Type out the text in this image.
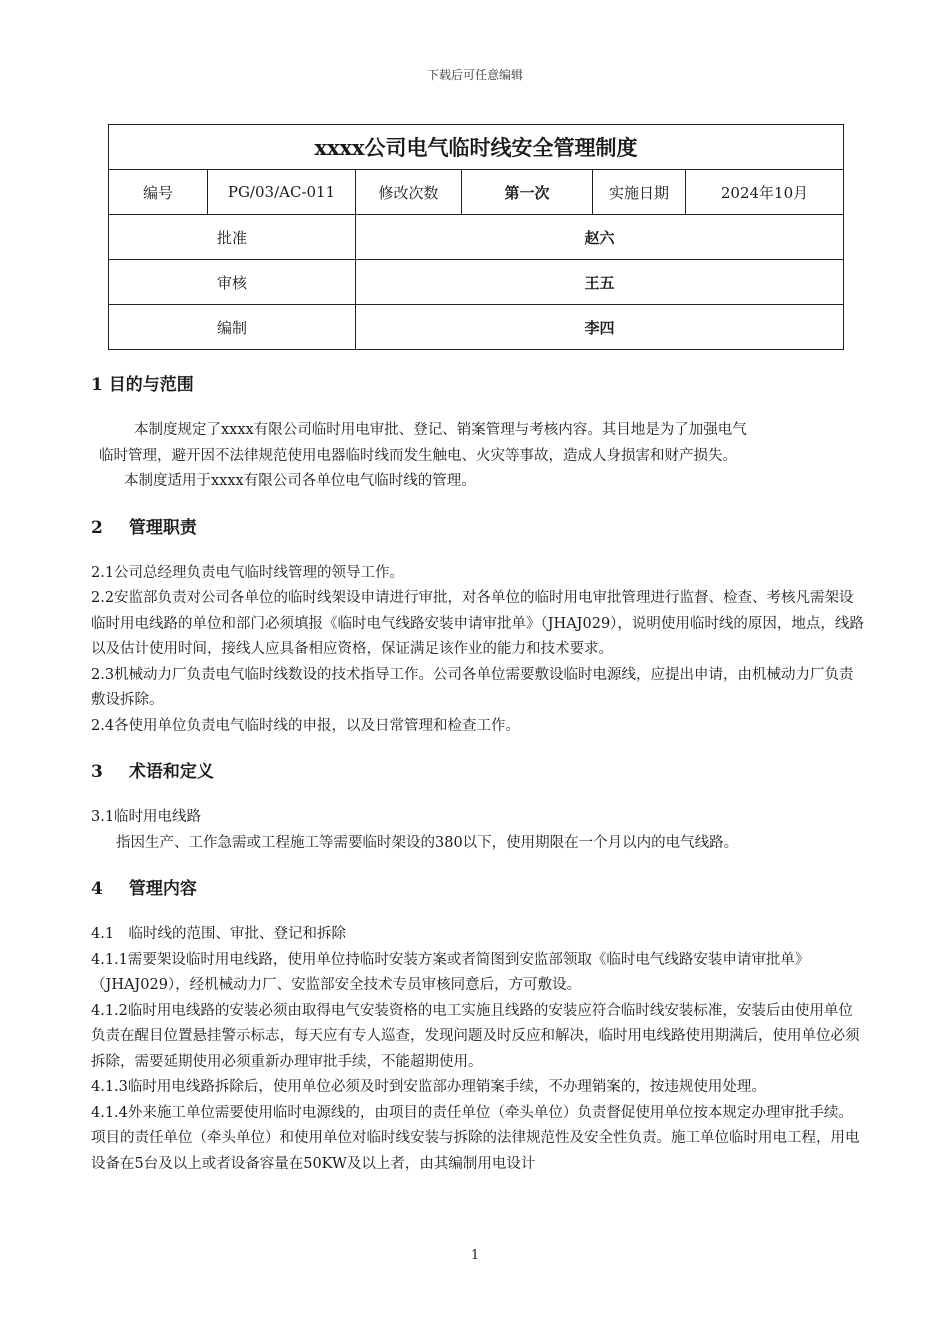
下载后可任意编辑
xxxx公司电气临时线安全管理制度					
编号	PG/03/AC-011	修改次数	第一次	实施日期	2024年10月
批准		赵六			
审核		王五			
编制		李四			
1 目的与范围

本制度规定了xxxx有限公司临时用电审批、登记、销案管理与考核内容。其目地是为了加强电气

临时管理，避开因不法律规范使用电器临时线而发生触电、火灾等事故，造成人身损害和财产损失。

本制度适用于xxxx有限公司各单位电气临时线的管理。

2 管理职责

2.1公司总经理负责电气临时线管理的领导工作。

2.2安监部负责对公司各单位的临时线架设申请进行审批，对各单位的临时用电审批管理进行监督、检查、考核凡需架设临时用电线路的单位和部门必须填报《临时电气线路安装申请审批单》（JHAJ029），说明使用临时线的原因，地点，线路以及估计使用时间，接线人应具备相应资格，保证满足该作业的能力和技术要求。

2.3机械动力厂负责电气临时线数设的技术指导工作。公司各单位需要敷设临时电源线，应提出申请，由机械动力厂负责敷设拆除。

2.4各使用单位负责电气临时线的申报，以及日常管理和检查工作。

3 术语和定义

3.1临时用电线路

指因生产、工作急需或工程施工等需要临时架设的380以下，使用期限在一个月以内的电气线路。

4 管理内容

4.1　临时线的范围、审批、登记和拆除

4.1.1需要架设临时用电线路，使用单位持临时安装方案或者简图到安监部领取《临时电气线路安装申请审批单》（JHAJ029），经机械动力厂、安监部安全技术专员审核同意后，方可敷设。

4.1.2临时用电线路的安装必须由取得电气安装资格的电工实施且线路的安装应符合临时线安装标准，安装后由使用单位负责在醒目位置悬挂警示标志，每天应有专人巡查，发现问题及时反应和解决，临时用电线路使用期满后，使用单位必须拆除，需要延期使用必须重新办理审批手续，不能超期使用。

4.1.3临时用电线路拆除后，使用单位必须及时到安监部办理销案手续，不办理销案的，按违规使用处理。

4.1.4外来施工单位需要使用临时电源线的，由项目的责任单位（牵头单位）负责督促使用单位按本规定办理审批手续。项目的责任单位（牵头单位）和使用单位对临时线安装与拆除的法律规范性及安全性负责。施工单位临时用电工程，用电设备在5台及以上或者设备容量在50KW及以上者，由其编制用电设计

1
